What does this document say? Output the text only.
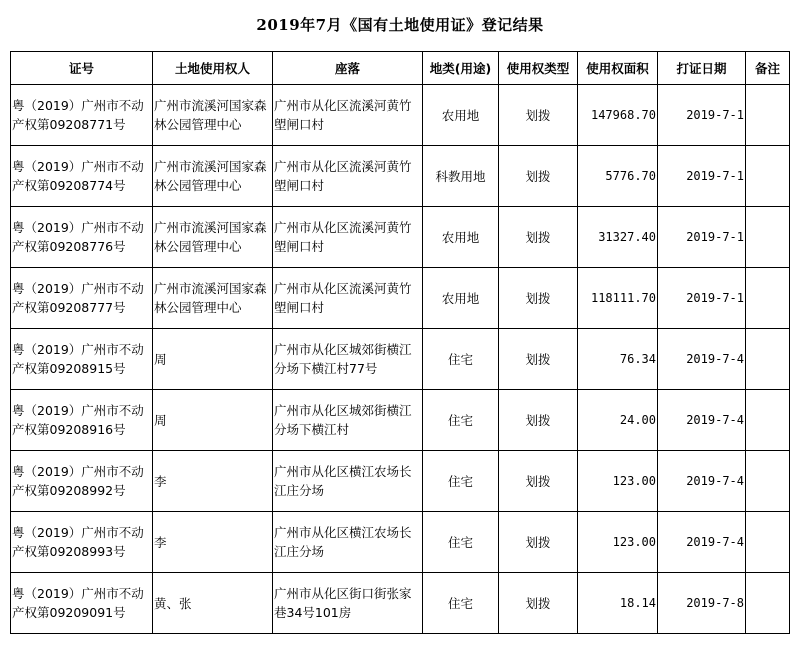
2019年7月《国有土地使用证》登记结果
证号	土地使用权人	座落	地类(用途)	使用权类型	使用权面积	打证日期	备注
粤（2019）广州市不动产权第09208771号	广州市流溪河国家森林公园管理中心	广州市从化区流溪河黄竹塱闸口村	农用地	划拨	147968.70	2019-7-1	
粤（2019）广州市不动产权第09208774号	广州市流溪河国家森林公园管理中心	广州市从化区流溪河黄竹塱闸口村	科教用地	划拨	5776.70	2019-7-1	
粤（2019）广州市不动产权第09208776号	广州市流溪河国家森林公园管理中心	广州市从化区流溪河黄竹塱闸口村	农用地	划拨	31327.40	2019-7-1	
粤（2019）广州市不动产权第09208777号	广州市流溪河国家森林公园管理中心	广州市从化区流溪河黄竹塱闸口村	农用地	划拨	118111.70	2019-7-1	
粤（2019）广州市不动产权第09208915号	周	广州市从化区城郊街横江分场下横江村77号	住宅	划拨	76.34	2019-7-4	
粤（2019）广州市不动产权第09208916号	周	广州市从化区城郊街横江分场下横江村	住宅	划拨	24.00	2019-7-4	
粤（2019）广州市不动产权第09208992号	李	广州市从化区横江农场长江庄分场	住宅	划拨	123.00	2019-7-4	
粤（2019）广州市不动产权第09208993号	李	广州市从化区横江农场长江庄分场	住宅	划拨	123.00	2019-7-4	
粤（2019）广州市不动产权第09209091号	黄、张	广州市从化区街口街张家巷34号101房	住宅	划拨	18.14	2019-7-8	
